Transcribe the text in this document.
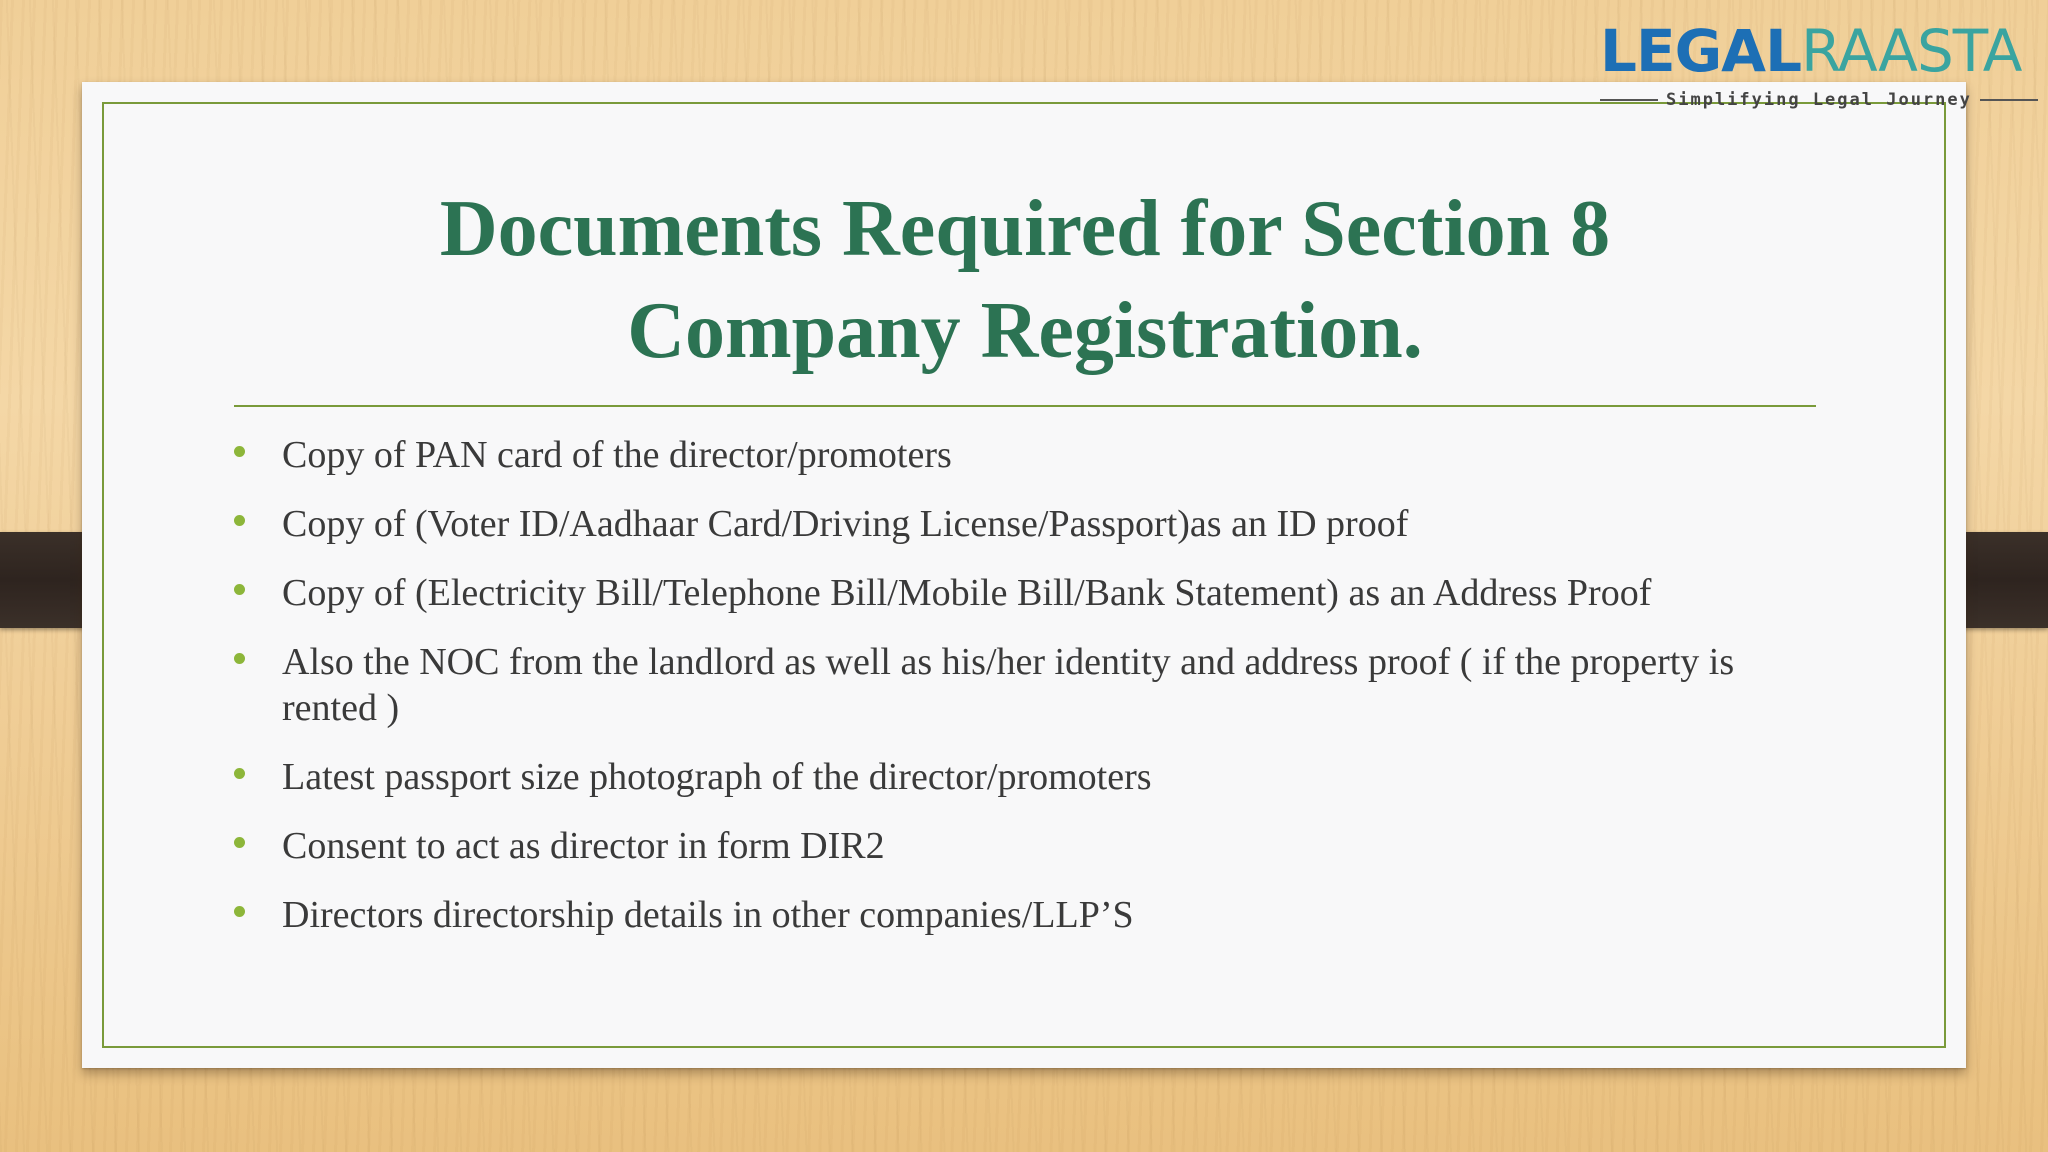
LEGALRAASTA
Simplifying Legal Journey
Documents Required for Section 8
Company Registration.
Copy of PAN card of the director/promoters
Copy of (Voter ID/Aadhaar Card/Driving License/Passport)as an ID proof
Copy of (Electricity Bill/Telephone Bill/Mobile Bill/Bank Statement) as an Address Proof
Also the NOC from the landlord as well as his/her identity and address proof ( if the property is rented )
Latest passport size photograph of the director/promoters
Consent to act as director in form DIR2
Directors directorship details in other companies/LLP’S
